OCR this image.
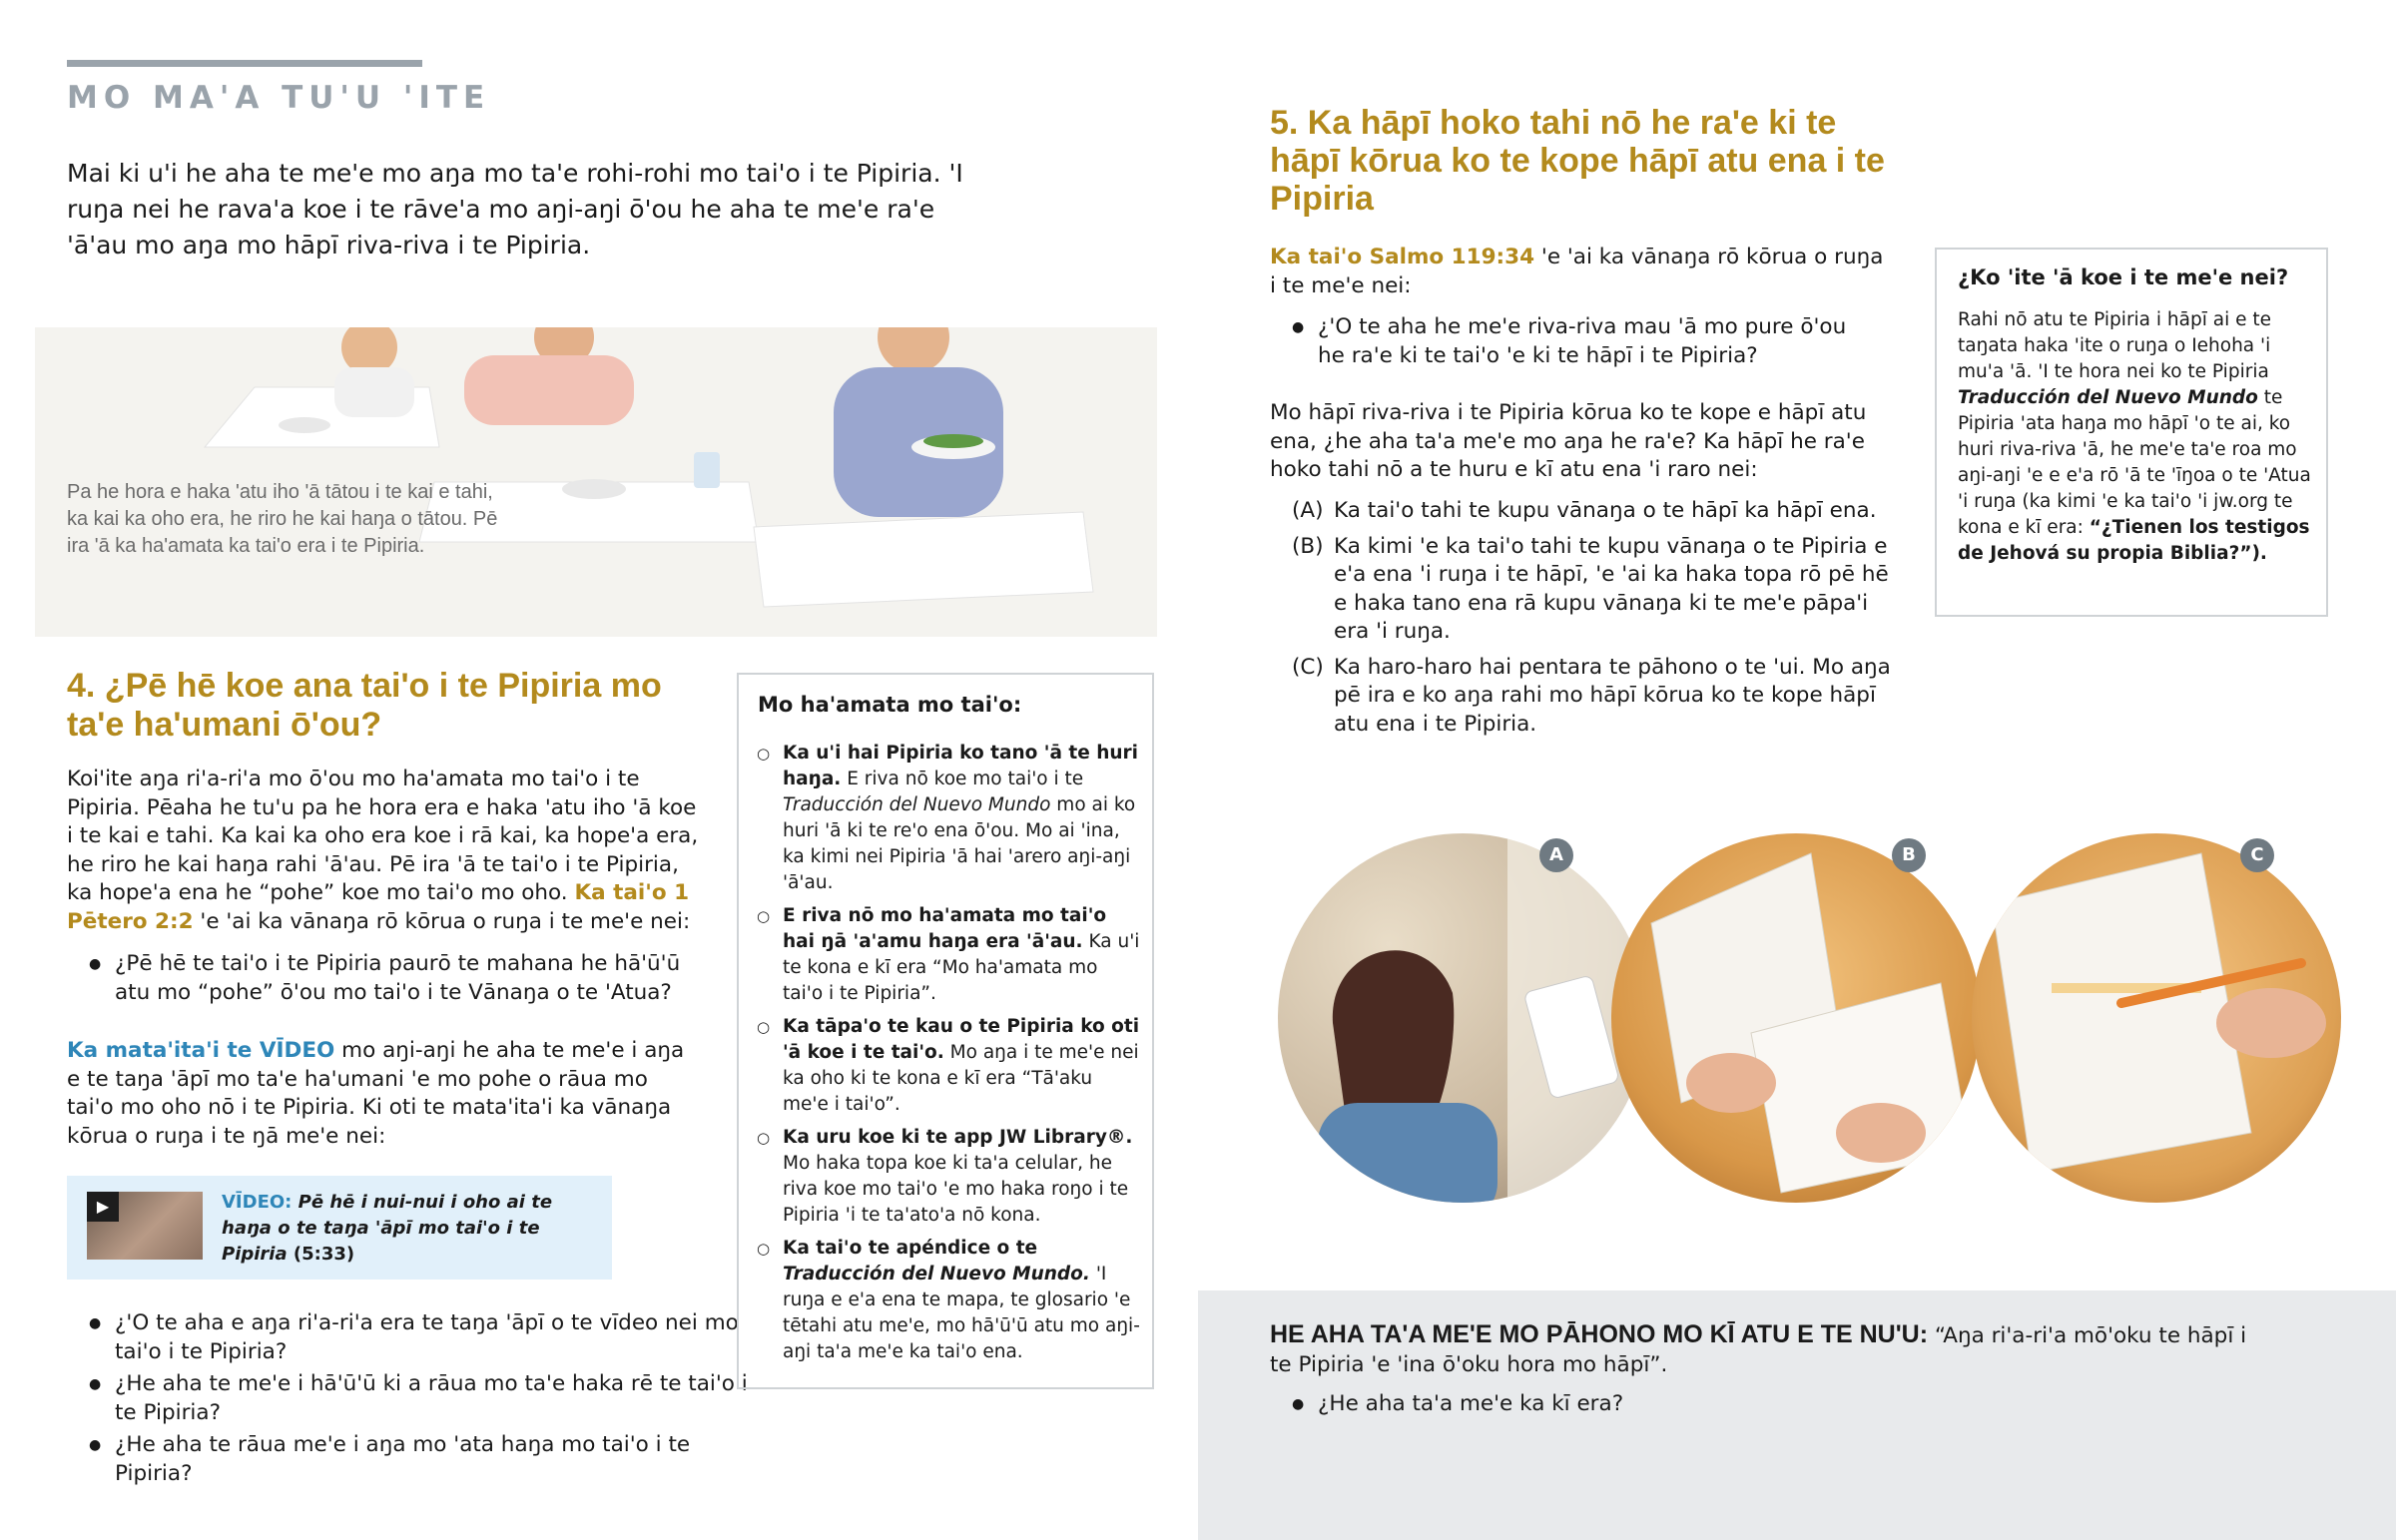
MO MA'A TU'U 'ITE
Mai ki u'i he aha te me'e mo aŋa mo ta'e rohi-rohi mo tai'o i te Pipiria. 'I ruŋa nei he rava'a koe i te rāve'a mo aŋi-aŋi ō'ou he aha te me'e ra'e 'ā'au mo aŋa mo hāpī riva-riva i te Pipiria.
Pa he hora e haka 'atu iho 'ā tātou i te kai e tahi, ka kai ka oho era, he riro he kai haŋa o tātou. Pē ira 'ā ka ha'amata ka tai'o era i te Pipiria.
4. ¿Pē hē koe ana tai'o i te Pipiria mo ta'e ha'umani ō'ou?
Koi'ite aŋa ri'a-ri'a mo ō'ou mo ha'amata mo tai'o i te Pipiria. Pēaha he tu'u pa he hora era e haka 'atu iho 'ā koe i te kai e tahi. Ka kai ka oho era koe i rā kai, ka hope'a era, he riro he kai haŋa rahi 'ā'au. Pē ira 'ā te tai'o i te Pipiria, ka hope'a ena he “pohe” koe mo tai'o mo oho. Ka tai'o 1 Pētero 2:2 'e 'ai ka vānaŋa rō kōrua o ruŋa i te me'e nei:
● ¿Pē hē te tai'o i te Pipiria paurō te mahana he hā'ū'ū atu mo “pohe” ō'ou mo tai'o i te Vānaŋa o te 'Atua?
Ka mata'ita'i te VĪDEO mo aŋi-aŋi he aha te me'e i aŋa e te taŋa 'āpī mo ta'e ha'umani 'e mo pohe o rāua mo tai'o mo oho nō i te Pipiria. Ki oti te mata'ita'i ka vānaŋa kōrua o ruŋa i te ŋā me'e nei:
▶	VĪDEO: Pē hē i nui-nui i oho ai te haŋa o te taŋa 'āpī mo tai'o i te Pipiria (5:33)
● ¿'O te aha e aŋa ri'a-ri'a era te taŋa 'āpī o te vīdeo nei mo tai'o i te Pipiria?
● ¿He aha te me'e i hā'ū'ū ki a rāua mo ta'e haka rē te tai'o i te Pipiria?
● ¿He aha te rāua me'e i aŋa mo 'ata haŋa mo tai'o i te Pipiria?
Mo ha'amata mo tai'o:
○ Ka u'i hai Pipiria ko tano 'ā te huri haŋa. E riva nō koe mo tai'o i te Traducción del Nuevo Mundo mo ai ko huri 'ā ki te re'o ena ō'ou. Mo ai 'ina, ka kimi nei Pipiria 'ā hai 'arero aŋi-aŋi 'ā'au.
○ E riva nō mo ha'amata mo tai'o hai ŋā 'a'amu haŋa era 'ā'au. Ka u'i te kona e kī era “Mo ha'amata mo tai'o i te Pipiria”.
○ Ka tāpa'o te kau o te Pipiria ko oti 'ā koe i te tai'o. Mo aŋa i te me'e nei ka oho ki te kona e kī era “Tā'aku me'e i tai'o”.
○ Ka uru koe ki te app JW Library®. Mo haka topa koe ki ta'a celular, he riva koe mo tai'o 'e mo haka roŋo i te Pipiria 'i te ta'ato'a nō kona.
○ Ka tai'o te apéndice o te Traducción del Nuevo Mundo. 'I ruŋa e e'a ena te mapa, te glosario 'e tētahi atu me'e, mo hā'ū'ū atu mo aŋi-aŋi ta'a me'e ka tai'o ena.
5. Ka hāpī hoko tahi nō he ra'e ki te hāpī kōrua ko te kope hāpī atu ena i te Pipiria
Ka tai'o Salmo 119:34 'e 'ai ka vānaŋa rō kōrua o ruŋa i te me'e nei:
● ¿'O te aha he me'e riva-riva mau 'ā mo pure ō'ou he ra'e ki te tai'o 'e ki te hāpī i te Pipiria?
Mo hāpī riva-riva i te Pipiria kōrua ko te kope e hāpī atu ena, ¿he aha ta'a me'e mo aŋa he ra'e? Ka hāpī he ra'e hoko tahi nō a te huru e kī atu ena 'i raro nei:
(A) Ka tai'o tahi te kupu vānaŋa o te hāpī ka hāpī ena.
(B) Ka kimi 'e ka tai'o tahi te kupu vānaŋa o te Pipiria e e'a ena 'i ruŋa i te hāpī, 'e 'ai ka haka topa rō pē hē e haka tano ena rā kupu vānaŋa ki te me'e pāpa'i era 'i ruŋa.
(C) Ka haro-haro hai pentara te pāhono o te 'ui. Mo aŋa pē ira e ko aŋa rahi mo hāpī kōrua ko te kope hāpī atu ena i te Pipiria.
¿Ko 'ite 'ā koe i te me'e nei?
Rahi nō atu te Pipiria i hāpī ai e te taŋata haka 'ite o ruŋa o Iehoha 'i mu'a 'ā. 'I te hora nei ko te Pipiria Traducción del Nuevo Mundo te Pipiria 'ata haŋa mo hāpī 'o te ai, ko huri riva-riva 'ā, he me'e ta'e roa mo aŋi-aŋi 'e e e'a rō 'ā te 'īŋoa o te 'Atua 'i ruŋa (ka kimi 'e ka tai'o 'i jw.org te kona e kī era: “¿Tienen los testigos de Jehová su propia Biblia?”).
A	B	C
HE AHA TA'A ME'E MO PĀHONO MO KĪ ATU E TE NU'U: “Aŋa ri'a-ri'a mō'oku te hāpī i te Pipiria 'e 'ina ō'oku hora mo hāpī”.
● ¿He aha ta'a me'e ka kī era?
